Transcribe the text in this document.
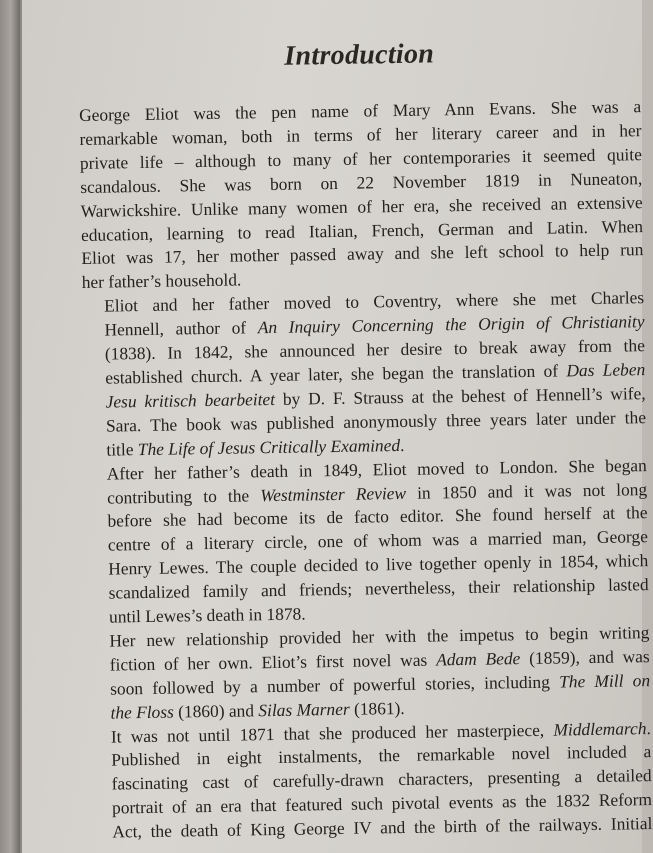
Introduction

George Eliot was the pen name of Mary Ann Evans. She was a
remarkable woman, both in terms of her literary career and in her
private life – although to many of her contemporaries it seemed quite
scandalous. She was born on 22 November 1819 in Nuneaton,
Warwickshire. Unlike many women of her era, she received an extensive
education, learning to read Italian, French, German and Latin. When
Eliot was 17, her mother passed away and she left school to help run
her father’s household.

Eliot and her father moved to Coventry, where she met Charles
Hennell, author of An Inquiry Concerning the Origin of Christianity
(1838). In 1842, she announced her desire to break away from the
established church. A year later, she began the translation of Das Leben
Jesu kritisch bearbeitet by D. F. Strauss at the behest of Hennell’s wife,
Sara. The book was published anonymously three years later under the
title The Life of Jesus Critically Examined.

After her father’s death in 1849, Eliot moved to London. She began
contributing to the Westminster Review in 1850 and it was not long
before she had become its de facto editor. She found herself at the
centre of a literary circle, one of whom was a married man, George
Henry Lewes. The couple decided to live together openly in 1854, which
scandalized family and friends; nevertheless, their relationship lasted
until Lewes’s death in 1878.

Her new relationship provided her with the impetus to begin writing
fiction of her own. Eliot’s first novel was Adam Bede (1859), and was
soon followed by a number of powerful stories, including The Mill on
the Floss (1860) and Silas Marner (1861).

It was not until 1871 that she produced her masterpiece, Middlemarch.
Published in eight instalments, the remarkable novel included a
fascinating cast of carefully-drawn characters, presenting a detailed
portrait of an era that featured such pivotal events as the 1832 Reform
Act, the death of King George IV and the birth of the railways. Initial
